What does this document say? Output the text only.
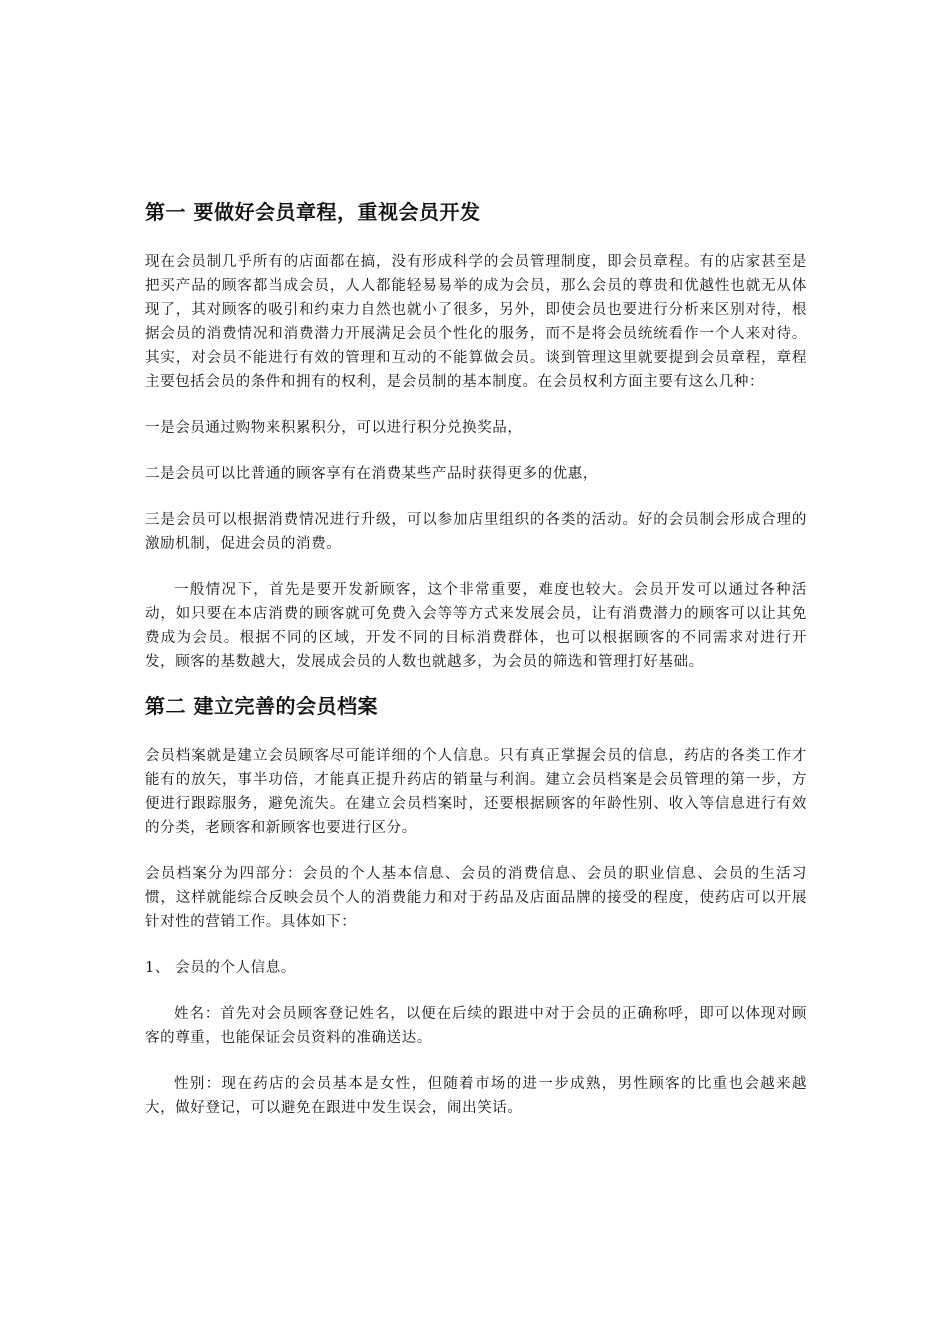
第一 要做好会员章程，重视会员开发

现在会员制几乎所有的店面都在搞，没有形成科学的会员管理制度，即会员章程。有的店家甚至是把买产品的顾客都当成会员，人人都能轻易易举的成为会员，那么会员的尊贵和优越性也就无从体现了，其对顾客的吸引和约束力自然也就小了很多，另外，即使会员也要进行分析来区别对待，根据会员的消费情况和消费潜力开展满足会员个性化的服务，而不是将会员统统看作一个人来对待。其实，对会员不能进行有效的管理和互动的不能算做会员。谈到管理这里就要提到会员章程，章程主要包括会员的条件和拥有的权利，是会员制的基本制度。在会员权利方面主要有这么几种：

一是会员通过购物来积累积分，可以进行积分兑换奖品，

二是会员可以比普通的顾客享有在消费某些产品时获得更多的优惠，

三是会员可以根据消费情况进行升级，可以参加店里组织的各类的活动。好的会员制会形成合理的激励机制，促进会员的消费。

一般情况下，首先是要开发新顾客，这个非常重要，难度也较大。会员开发可以通过各种活动，如只要在本店消费的顾客就可免费入会等等方式来发展会员，让有消费潜力的顾客可以让其免费成为会员。根据不同的区域，开发不同的目标消费群体，也可以根据顾客的不同需求对进行开发，顾客的基数越大，发展成会员的人数也就越多，为会员的筛选和管理打好基础。

第二 建立完善的会员档案

会员档案就是建立会员顾客尽可能详细的个人信息。只有真正掌握会员的信息，药店的各类工作才能有的放矢，事半功倍，才能真正提升药店的销量与利润。建立会员档案是会员管理的第一步，方便进行跟踪服务，避免流失。在建立会员档案时，还要根据顾客的年龄性别、收入等信息进行有效的分类，老顾客和新顾客也要进行区分。

会员档案分为四部分：会员的个人基本信息、会员的消费信息、会员的职业信息、会员的生活习惯，这样就能综合反映会员个人的消费能力和对于药品及店面品牌的接受的程度，使药店可以开展针对性的营销工作。具体如下：

1、 会员的个人信息。

姓名：首先对会员顾客登记姓名，以便在后续的跟进中对于会员的正确称呼，即可以体现对顾客的尊重，也能保证会员资料的准确送达。

性别：现在药店的会员基本是女性，但随着市场的进一步成熟，男性顾客的比重也会越来越大，做好登记，可以避免在跟进中发生误会，闹出笑话。
